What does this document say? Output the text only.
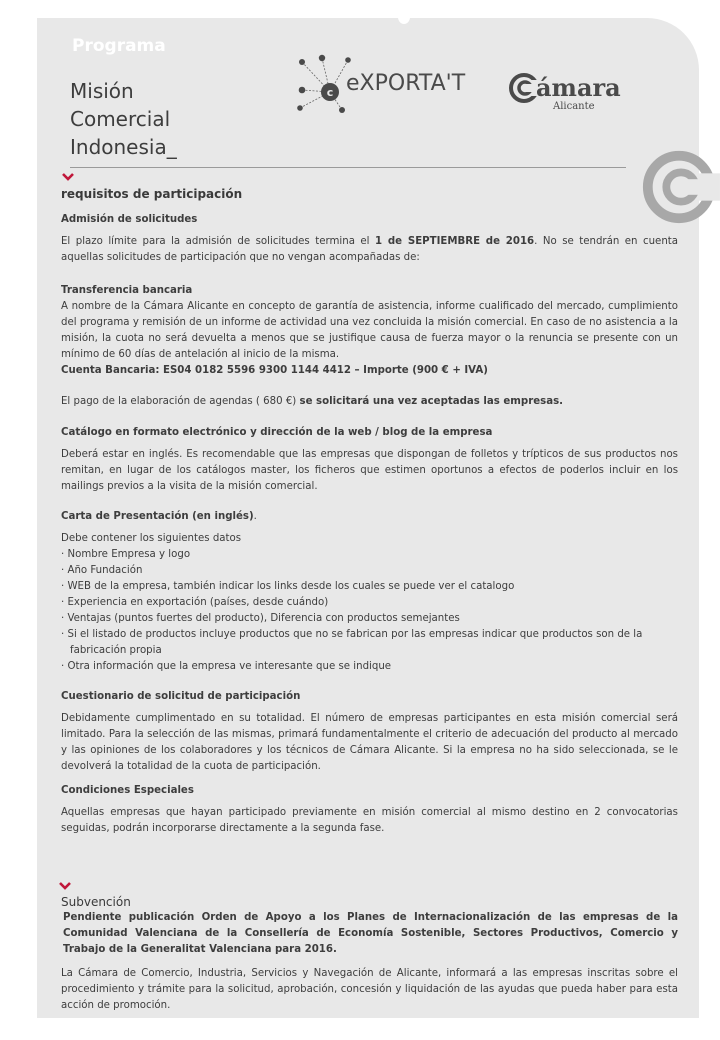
Programa
Misión
Comercial
Indonesia_
c eXPORTA'T	ámara
Alicante

requisitos de participación

Admisión de solicitudes

El plazo límite para la admisión de solicitudes termina el 1 de SEPTIEMBRE de 2016. No se tendrán en cuenta aquellas solicitudes de participación que no vengan acompañadas de:

Transferencia bancaria

A nombre de la Cámara Alicante en concepto de garantía de asistencia, informe cualificado del mercado, cumplimiento del programa y remisión de un informe de actividad una vez concluida la misión comercial. En caso de no asistencia a la misión, la cuota no será devuelta a menos que se justifique causa de fuerza mayor o la renuncia se presente con un mínimo de 60 días de antelación al inicio de la misma.

Cuenta Bancaria: ES04 0182 5596 9300 1144 4412 – Importe (900 € + IVA)

El pago de la elaboración de agendas ( 680 €) se solicitará una vez aceptadas las empresas.

Catálogo en formato electrónico y dirección de la web / blog de la empresa

Deberá estar en inglés. Es recomendable que las empresas que dispongan de folletos y trípticos de sus productos nos remitan, en lugar de los catálogos master, los ficheros que estimen oportunos a efectos de poderlos incluir en los mailings previos a la visita de la misión comercial.

Carta de Presentación (en inglés).

Debe contener los siguientes datos

· Nombre Empresa y logo
· Año Fundación
· WEB de la empresa, también indicar los links desde los cuales se puede ver el catalogo
· Experiencia en exportación (países, desde cuándo)
· Ventajas (puntos fuertes del producto), Diferencia con productos semejantes
· Si el listado de productos incluye productos que no se fabrican por las empresas indicar que productos son de la
fabricación propia
· Otra información que la empresa ve interesante que se indique

Cuestionario de solicitud de participación

Debidamente cumplimentado en su totalidad. El número de empresas participantes en esta misión comercial será limitado. Para la selección de las mismas, primará fundamentalmente el criterio de adecuación del producto al mercado y las opiniones de los colaboradores y los técnicos de Cámara Alicante. Si la empresa no ha sido seleccionada, se le devolverá la totalidad de la cuota de participación.

Condiciones Especiales

Aquellas empresas que hayan participado previamente en misión comercial al mismo destino en 2 convocatorias seguidas, podrán incorporarse directamente a la segunda fase.

Subvención

Pendiente publicación Orden de Apoyo a los Planes de Internacionalización de las empresas de la Comunidad Valenciana de la Consellería de Economía Sostenible, Sectores Productivos, Comercio y Trabajo de la Generalitat Valenciana para 2016.

La Cámara de Comercio, Industria, Servicios y Navegación de Alicante, informará a las empresas inscritas sobre el procedimiento y trámite para la solicitud, aprobación, concesión y liquidación de las ayudas que pueda haber para esta acción de promoción.
